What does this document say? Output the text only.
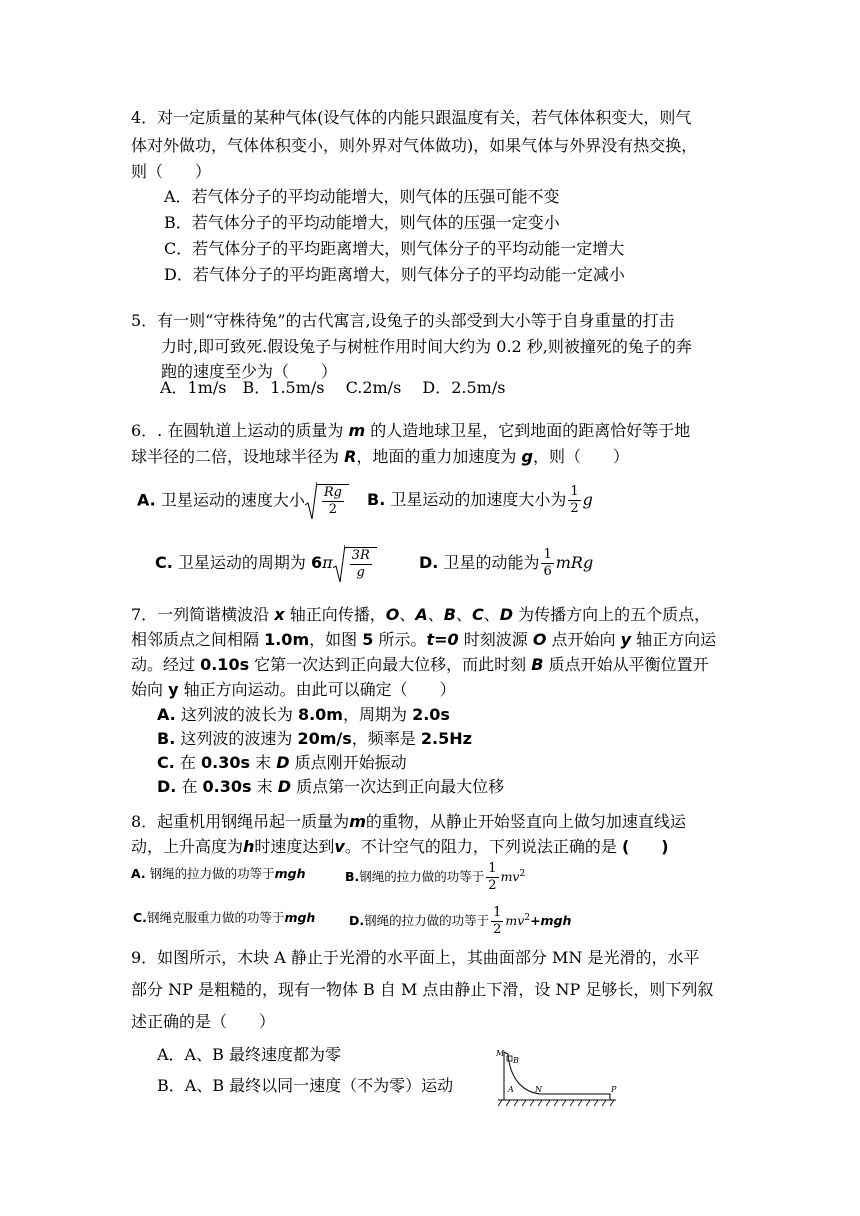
4．对一定质量的某种气体(设气体的内能只跟温度有关，若气体体积变大，则气
体对外做功，气体体积变小，则外界对气体做功)，如果气体与外界没有热交换，
则（　　）
A．若气体分子的平均动能增大，则气体的压强可能不变
B．若气体分子的平均动能增大，则气体的压强一定变小
C．若气体分子的平均距离增大，则气体分子的平均动能一定增大
D．若气体分子的平均距离增大，则气体分子的平均动能一定减小
5．有一则“守株待兔”的古代寓言,设兔子的头部受到大小等于自身重量的打击
力时,即可致死.假设兔子与树桩作用时间大约为 0.2 秒,则被撞死的兔子的奔
跑的速度至少为（　　）
A．1m/s　B．1.5m/s　 C.2m/s　 D．2.5m/s
6．. 在圆轨道上运动的质量为 m 的人造地球卫星，它到地面的距离恰好等于地
球半径的二倍，设地球半径为 R，地面的重力加速度为 g，则（　　）
A. 卫星运动的速度大小 $\frac{Rg}{2} B$. 卫星运动的加速度大小为 $\frac{1}{2}$ g
C. 卫星运动的周期为 $6\pi \frac{3R}{g}$	D. 卫星的动能为 $\frac{1}{6}$ mRg
7．一列简谐横波沿 x 轴正向传播，O、A、B、C、D 为传播方向上的五个质点，
相邻质点之间相隔 1.0m，如图 5 所示。t=0 时刻波源 O 点开始向 y 轴正方向运
动。经过 0.10s 它第一次达到正向最大位移，而此时刻 B 质点开始从平衡位置开
始向 y 轴正方向运动。由此可以确定（　　）
A. 这列波的波长为 8.0m，周期为 2.0s
B. 这列波的波速为 20m/s，频率是 2.5Hz
C. 在 0.30s 末 D 质点刚开始振动
D. 在 0.30s 末 D 质点第一次达到正向最大位移
8．起重机用钢绳吊起一质量为m的重物，从静止开始竖直向上做匀加速直线运
动，上升高度为h时速度达到v。不计空气的阻力，下列说法正确的是 (　　)
A. 钢绳的拉力做的功等于mgh	B.钢绳的拉力做的功等于 $\frac{1}{2} mv^2$
C.钢绳克服重力做的功等于mgh	D.钢绳的拉力做的功等于 $\frac{1}{2} mv^2+mgh$
9．如图所示，木块 A 静止于光滑的水平面上，其曲面部分 MN 是光滑的，水平
部分 NP 是粗糙的，现有一物体 B 自 M 点由静止下滑，设 NP 足够长，则下列叙
述正确的是（　　）
A．A、B 最终速度都为零
B．A、B 最终以同一速度（不为零）运动
M
B
A	N	P
